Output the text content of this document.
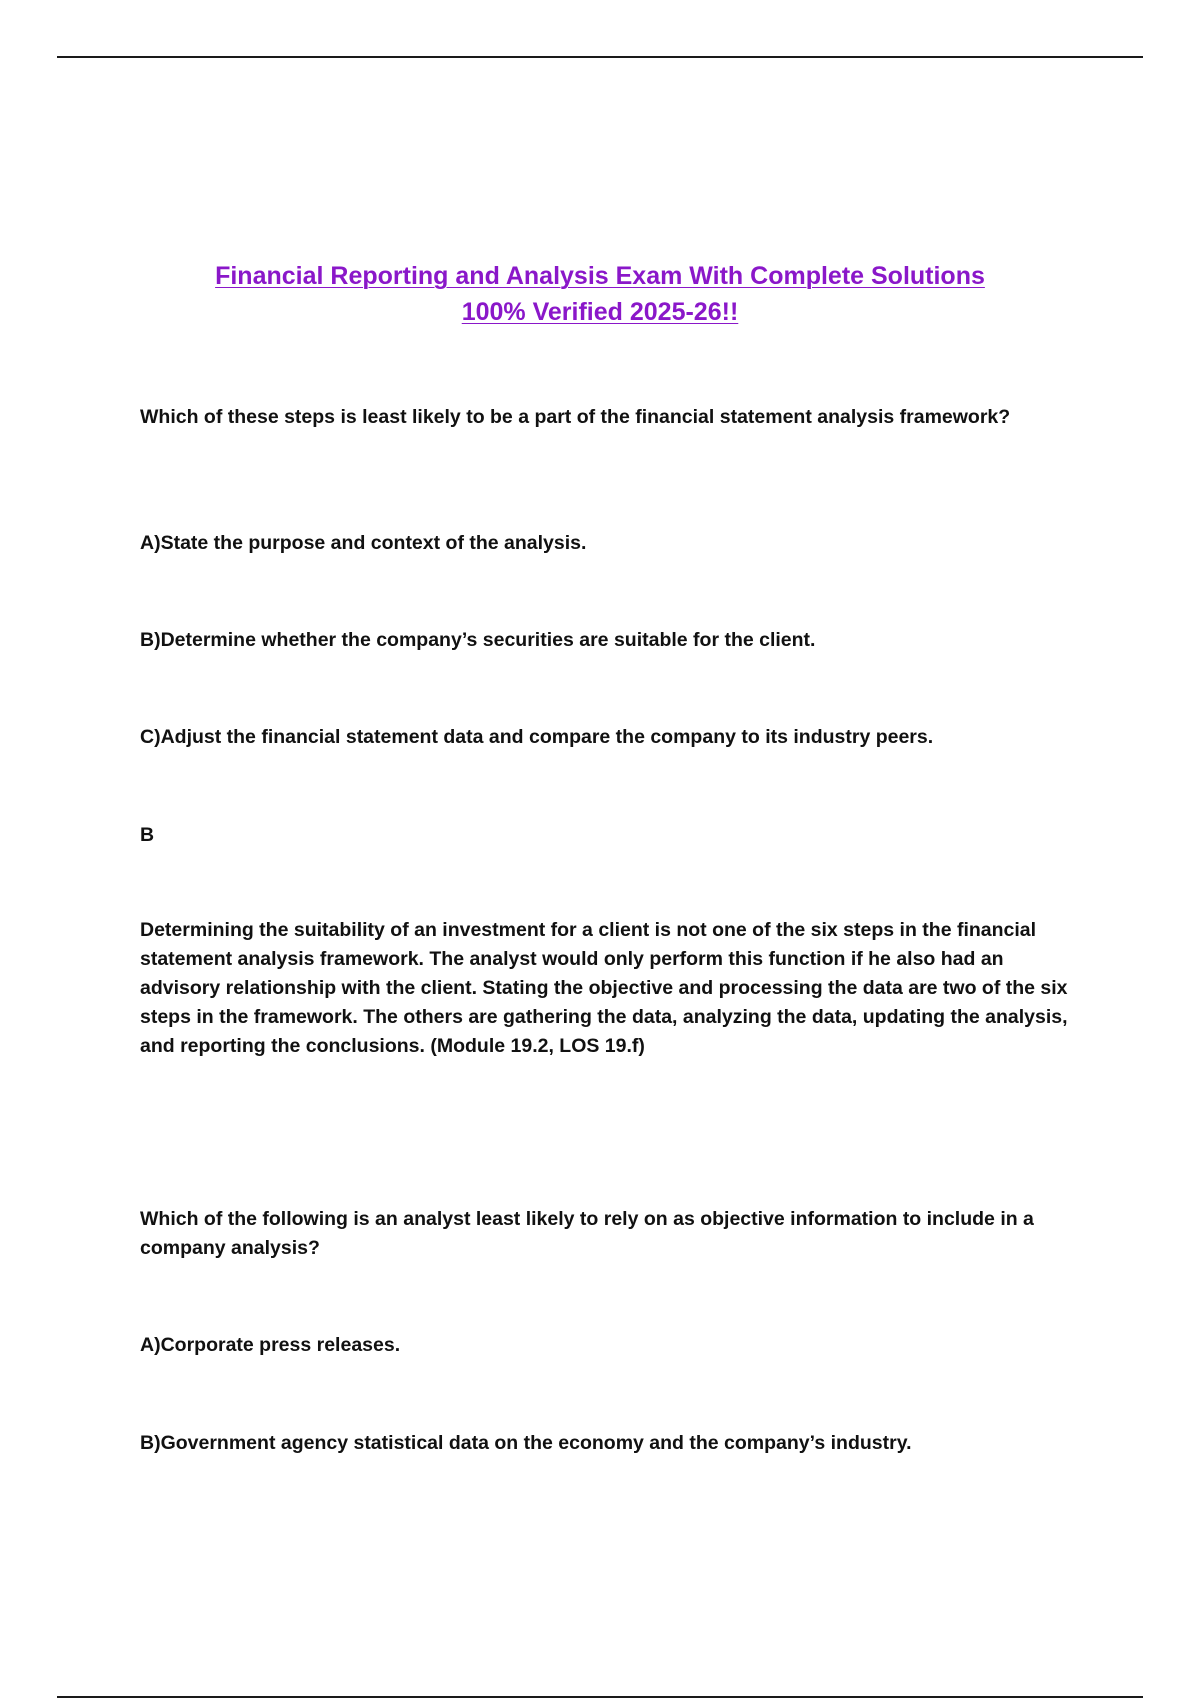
Financial Reporting and Analysis Exam With Complete Solutions
100% Verified 2025-26!!
Which of these steps is least likely to be a part of the financial statement analysis framework?
A)State the purpose and context of the analysis.
B)Determine whether the company’s securities are suitable for the client.
C)Adjust the financial statement data and compare the company to its industry peers.
B
Determining the suitability of an investment for a client is not one of the six steps in the financial statement analysis framework. The analyst would only perform this function if he also had an advisory relationship with the client. Stating the objective and processing the data are two of the six steps in the framework. The others are gathering the data, analyzing the data, updating the analysis, and reporting the conclusions. (Module 19.2, LOS 19.f)
Which of the following is an analyst least likely to rely on as objective information to include in a company analysis?
A)Corporate press releases.
B)Government agency statistical data on the economy and the company’s industry.
